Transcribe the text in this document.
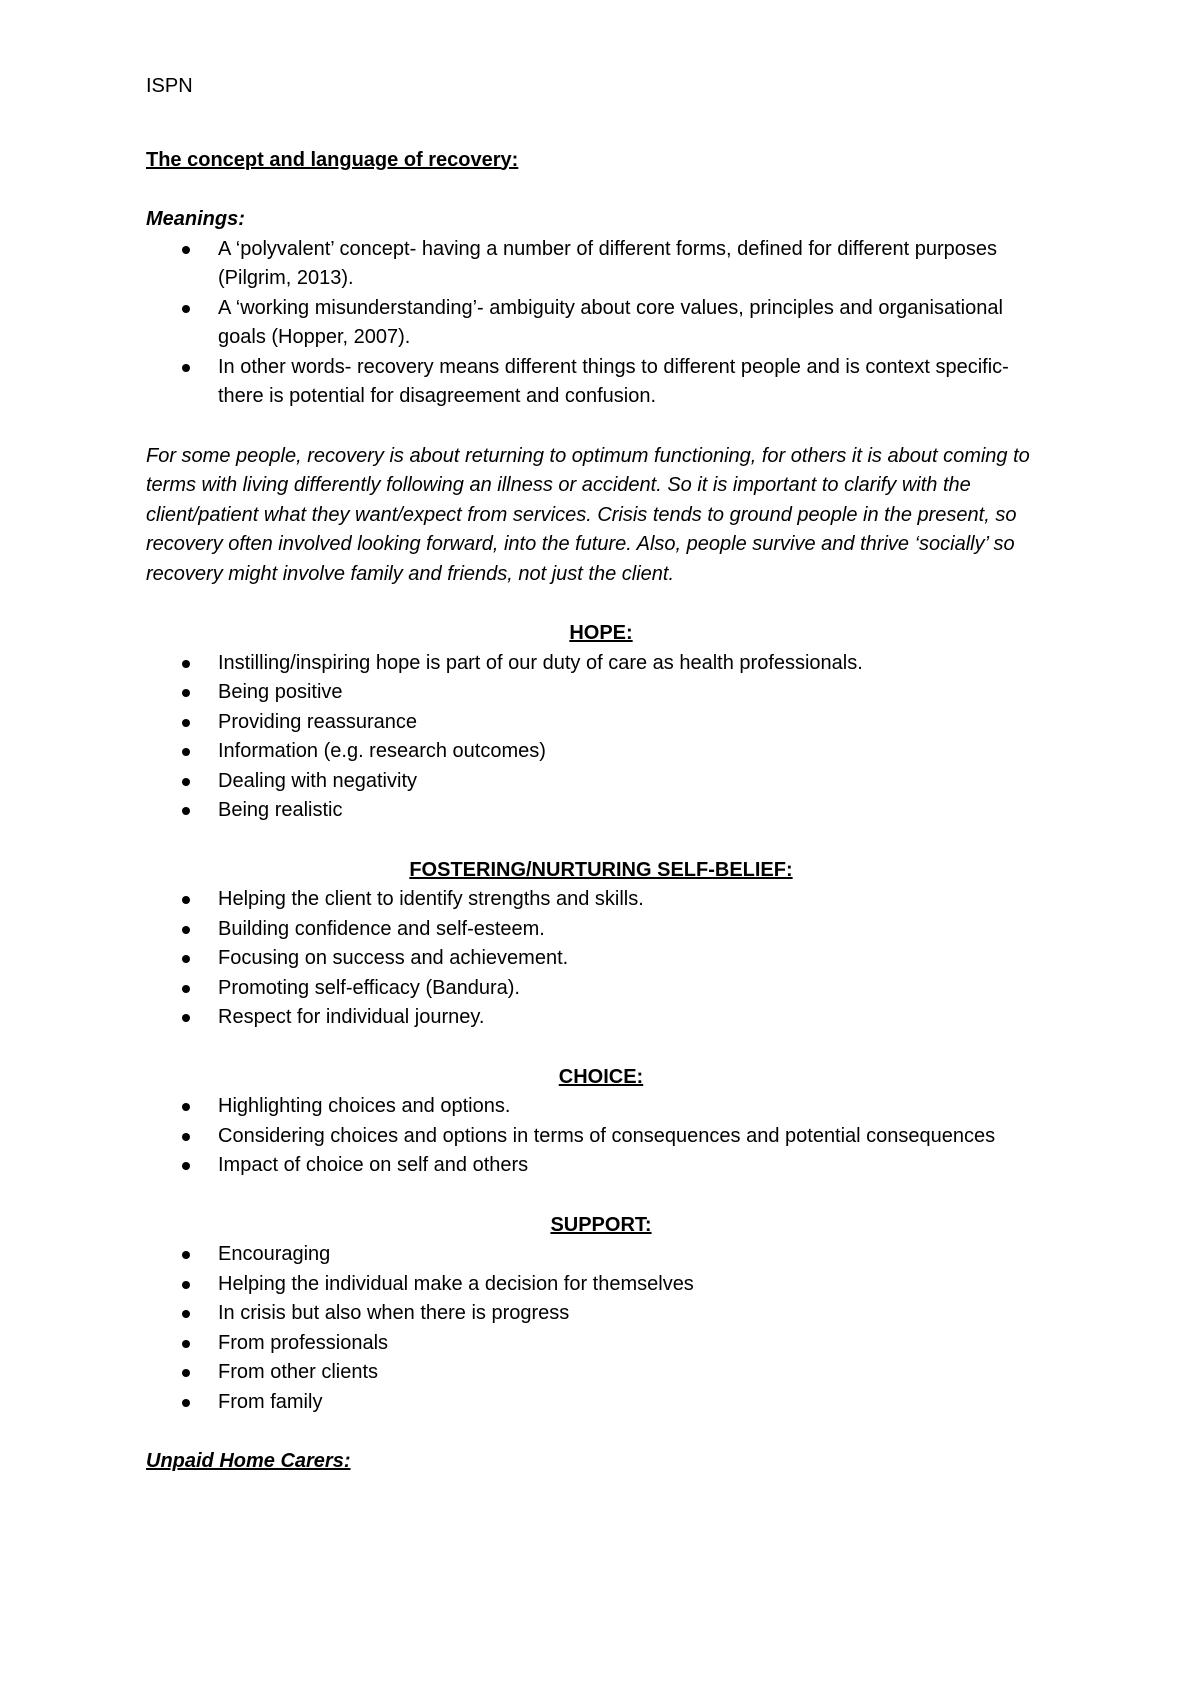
ISPN
The concept and language of recovery:
Meanings:
A ‘polyvalent’ concept- having a number of different forms, defined for different purposes (Pilgrim, 2013).
A ‘working misunderstanding’- ambiguity about core values, principles and organisational goals (Hopper, 2007).
In other words- recovery means different things to different people and is context specific- there is potential for disagreement and confusion.
For some people, recovery is about returning to optimum functioning, for others it is about coming to terms with living differently following an illness or accident. So it is important to clarify with the client/patient what they want/expect from services. Crisis tends to ground people in the present, so recovery often involved looking forward, into the future. Also, people survive and thrive ‘socially’ so recovery might involve family and friends, not just the client.
HOPE:
Instilling/inspiring hope is part of our duty of care as health professionals.
Being positive
Providing reassurance
Information (e.g. research outcomes)
Dealing with negativity
Being realistic
FOSTERING/NURTURING SELF-BELIEF:
Helping the client to identify strengths and skills.
Building confidence and self-esteem.
Focusing on success and achievement.
Promoting self-efficacy (Bandura).
Respect for individual journey.
CHOICE:
Highlighting choices and options.
Considering choices and options in terms of consequences and potential consequences
Impact of choice on self and others
SUPPORT:
Encouraging
Helping the individual make a decision for themselves
In crisis but also when there is progress
From professionals
From other clients
From family
Unpaid Home Carers:
